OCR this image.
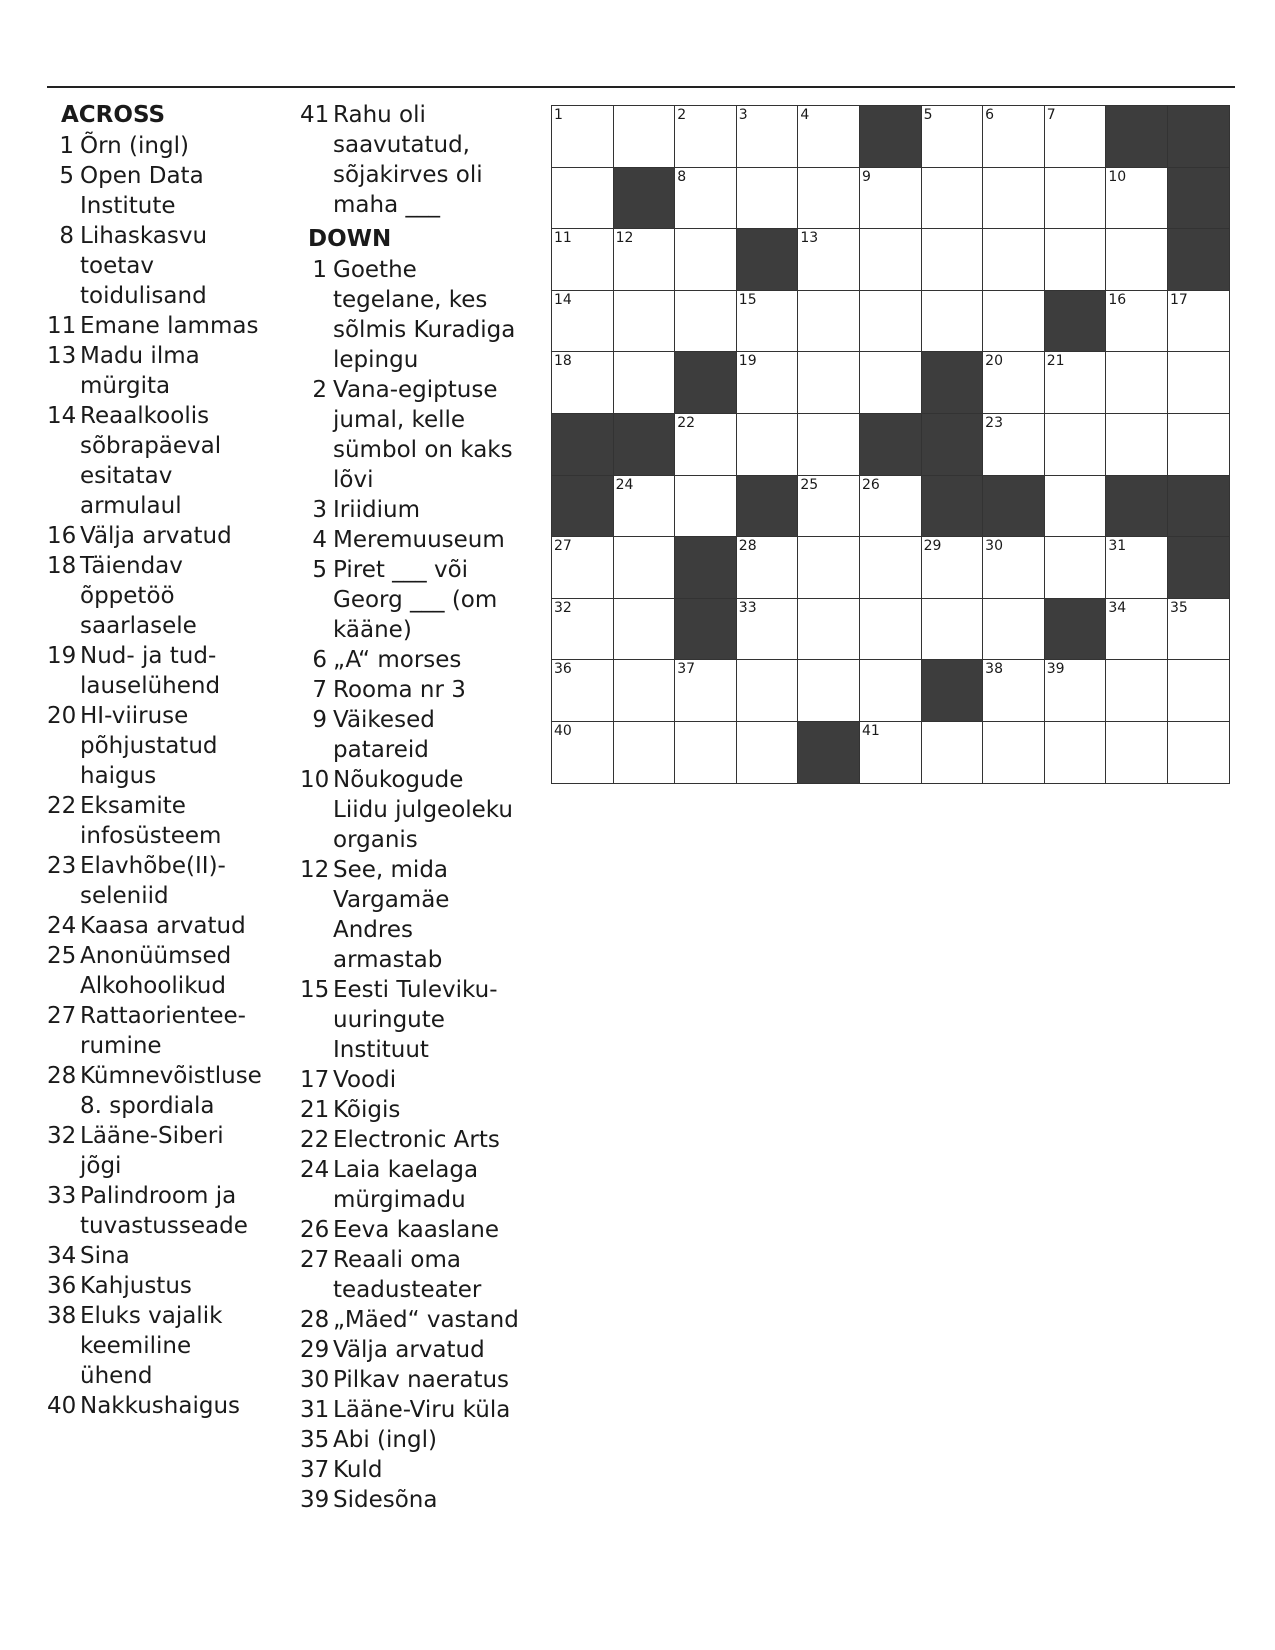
ACROSS
1 Õrn (ingl)
5 Open Data
Institute
8 Lihaskasvu
toetav
toidulisand
11 Emane lammas
13 Madu ilma
mürgita
14 Reaalkoolis
sõbrapäeval
esitatav
armulaul
16 Välja arvatud
18 Täiendav
õppetöö
saarlasele
19 Nud- ja tud-
lauselühend
20 HI-viiruse
põhjustatud
haigus
22 Eksamite
infosüsteem
23 Elavhõbe(II)-
seleniid
24 Kaasa arvatud
25 Anonüümsed
Alkohoolikud
27 Rattaorientee-
rumine
28 Kümnevõistluse
8. spordiala
32 Lääne-Siberi
jõgi
33 Palindroom ja
tuvastusseade
34 Sina
36 Kahjustus
38 Eluks vajalik
keemiline
ühend
40 Nakkushaigus
41 Rahu oli
saavutatud,
sõjakirves oli
maha ___
DOWN
1 Goethe
tegelane, kes
sõlmis Kuradiga
lepingu
2 Vana-egiptuse
jumal, kelle
sümbol on kaks
lõvi
3 Iriidium
4 Meremuuseum
5 Piret ___ või
Georg ___ (om
kääne)
6 „A“ morses
7 Rooma nr 3
9 Väikesed
patareid
10 Nõukogude
Liidu julgeoleku
organis
12 See, mida
Vargamäe
Andres
armastab
15 Eesti Tuleviku-
uuringute
Instituut
17 Voodi
21 Kõigis
22 Electronic Arts
24 Laia kaelaga
mürgimadu
26 Eeva kaaslane
27 Reaali oma
teadusteater
28 „Mäed“ vastand
29 Välja arvatud
30 Pilkav naeratus
31 Lääne-Viru küla
35 Abi (ingl)
37 Kuld
39 Sidesõna
1	2	3	4	5	6	7
8	9	10
11	12	13
14	15	16	17
18	19	20	21
22	23
24	25	26
27	28	29	30	31
32	33	34	35
36	37	38	39
40	41
